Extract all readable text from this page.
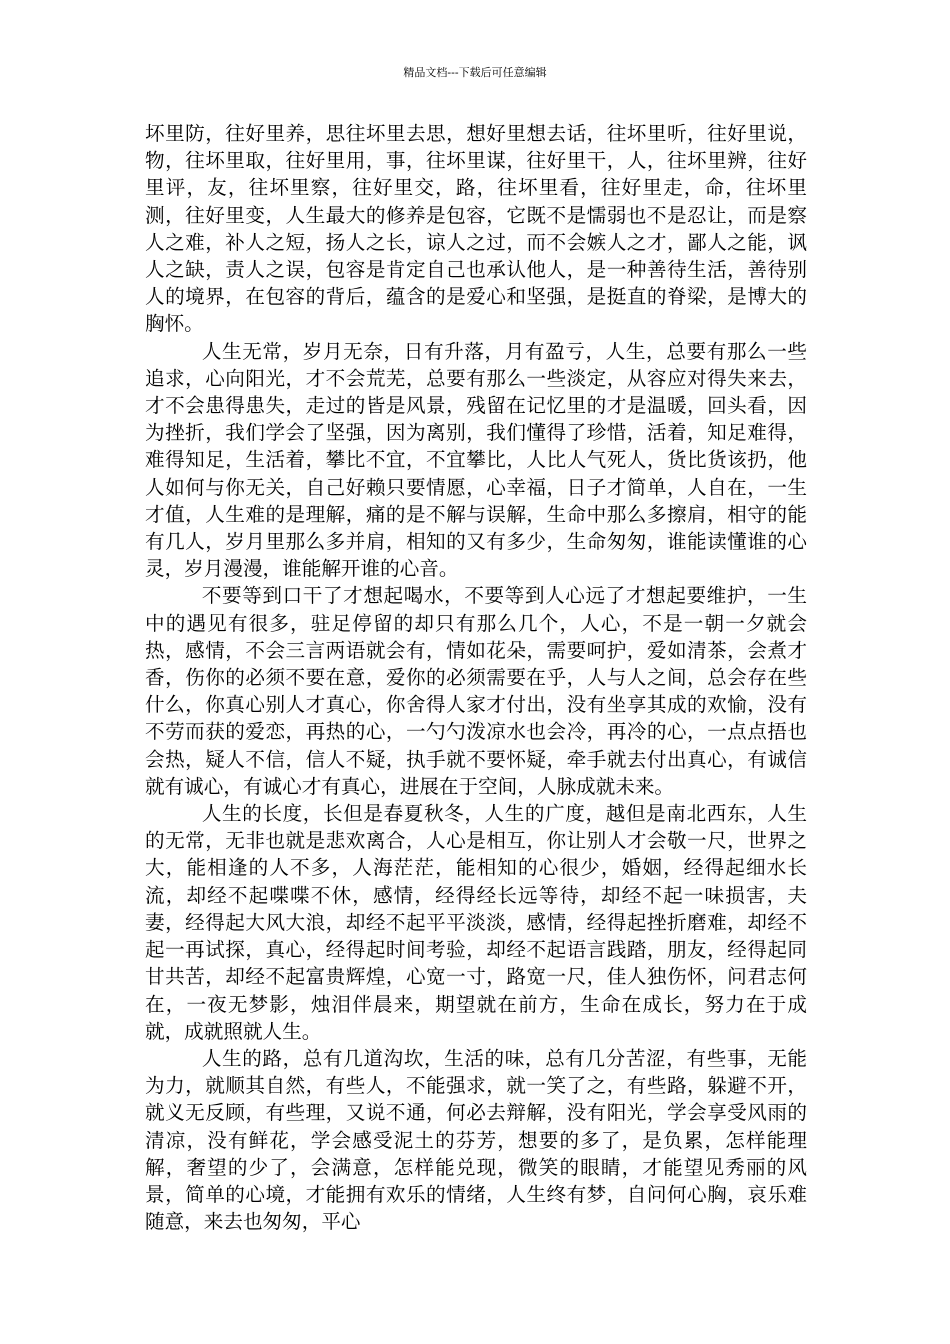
精品文档---下载后可任意编辑

坏里防，往好里养，思往坏里去思，想好里想去话，往坏里听，往好里说，物，往坏里取，往好里用，事，往坏里谋，往好里干，人，往坏里辨，往好里评，友，往坏里察，往好里交，路，往坏里看，往好里走，命，往坏里测，往好里变，人生最大的修养是包容，它既不是懦弱也不是忍让，而是察人之难，补人之短，扬人之长，谅人之过，而不会嫉人之才，鄙人之能，讽人之缺，责人之误，包容是肯定自己也承认他人，是一种善待生活，善待别人的境界，在包容的背后，蕴含的是爱心和坚强，是挺直的脊梁，是博大的胸怀。

人生无常，岁月无奈，日有升落，月有盈亏，人生，总要有那么一些追求，心向阳光，才不会荒芜，总要有那么一些淡定，从容应对得失来去，才不会患得患失，走过的皆是风景，残留在记忆里的才是温暖，回头看，因为挫折，我们学会了坚强，因为离别，我们懂得了珍惜，活着，知足难得，难得知足，生活着，攀比不宜，不宜攀比，人比人气死人，货比货该扔，他人如何与你无关，自己好赖只要情愿，心幸福，日子才简单，人自在，一生才值，人生难的是理解，痛的是不解与误解，生命中那么多擦肩，相守的能有几人，岁月里那么多并肩，相知的又有多少，生命匆匆，谁能读懂谁的心灵，岁月漫漫，谁能解开谁的心音。

不要等到口干了才想起喝水，不要等到人心远了才想起要维护，一生中的遇见有很多，驻足停留的却只有那么几个，人心，不是一朝一夕就会热，感情，不会三言两语就会有，情如花朵，需要呵护，爱如清茶，会煮才香，伤你的必须不要在意，爱你的必须需要在乎，人与人之间，总会存在些什么，你真心别人才真心，你舍得人家才付出，没有坐享其成的欢愉，没有不劳而获的爱恋，再热的心，一勺勺泼凉水也会冷，再冷的心，一点点捂也会热，疑人不信，信人不疑，执手就不要怀疑，牵手就去付出真心，有诚信就有诚心，有诚心才有真心，进展在于空间，人脉成就未来。

人生的长度，长但是春夏秋冬，人生的广度，越但是南北西东，人生的无常，无非也就是悲欢离合，人心是相互，你让别人才会敬一尺，世界之大，能相逢的人不多，人海茫茫，能相知的心很少，婚姻，经得起细水长流，却经不起喋喋不休，感情，经得经长远等待，却经不起一味损害，夫妻，经得起大风大浪，却经不起平平淡淡，感情，经得起挫折磨难，却经不起一再试探，真心，经得起时间考验，却经不起语言践踏，朋友，经得起同甘共苦，却经不起富贵辉煌，心宽一寸，路宽一尺，佳人独伤怀，问君志何在，一夜无梦影，烛泪伴晨来，期望就在前方，生命在成长，努力在于成就，成就照就人生。

人生的路，总有几道沟坎，生活的味，总有几分苦涩，有些事，无能为力，就顺其自然，有些人，不能强求，就一笑了之，有些路，躲避不开，就义无反顾，有些理，又说不通，何必去辩解，没有阳光，学会享受风雨的清凉，没有鲜花，学会感受泥土的芬芳，想要的多了，是负累，怎样能理解，奢望的少了，会满意，怎样能兑现，微笑的眼睛，才能望见秀丽的风景，简单的心境，才能拥有欢乐的情绪，人生终有梦，自问何心胸，哀乐难随意，来去也匆匆，平心
